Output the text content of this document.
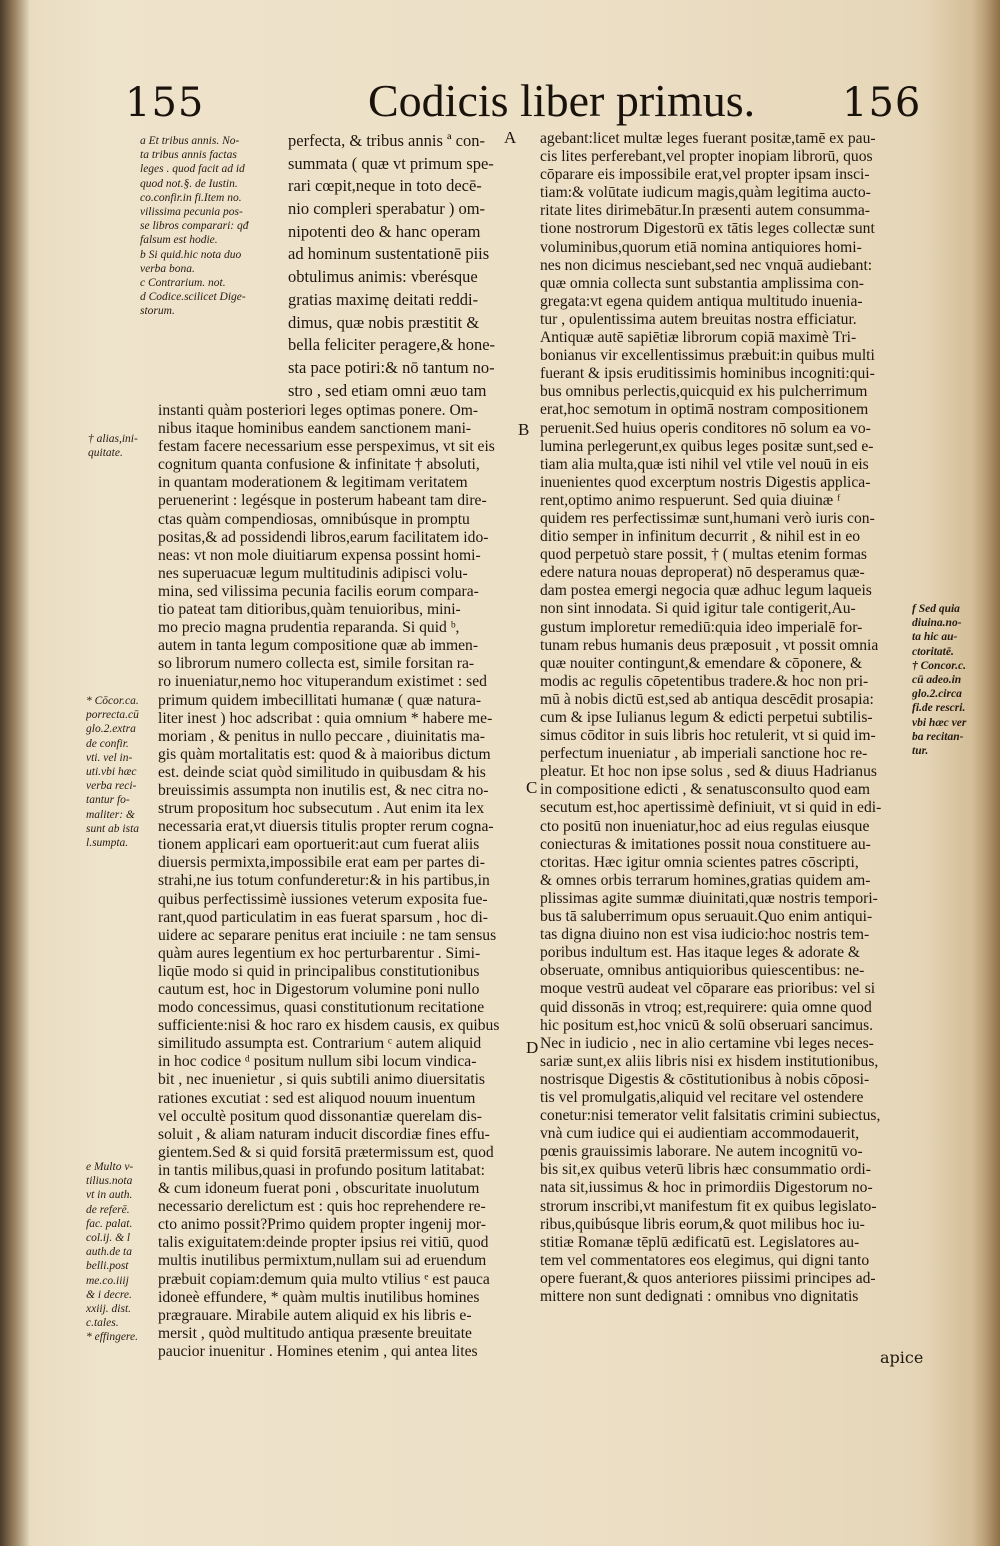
155	Codicis liber primus. 156
A
B
C
D
a Et tribus annis. No-
ta tribus annis factas
leges . quod facit ad id
quod not.§. de Iustin.
co.confir.in fi.Item no.
vilissima pecunia pos-
se libros comparari: qđ
falsum est hodie.
b Si quid.hic nota duo
verba bona.
c Contrarium. not.
d Codice.scilicet Dige-
storum.
† alias,ini-
quitate.
* Cōcor.ca.
porrecta.cū
glo.2.extra
de confir.
vti. vel in-
uti.vbi hæc
verba reci-
tantur fo-
maliter: &
sunt ab ista
l.sumpta.
e Multo v-
tilius.nota
vt in auth.
de referē.
fac. palat.
col.ij. & l
auth.de ta
belli.post
me.co.iiij
& i decre.
xxiij. dist.
c.tales.
* effingere.
f Sed quia
diuina.no-
ta hic au-
ctoritatē.
† Concor.c.
cū adeo.in
glo.2.circa
fi.de rescri.
vbi hæc ver
ba recitan-
tur.
perfecta, & tribus annis ª con-
summata ( quæ vt primum spe-
rari cœpit,neque in toto decē-
nio compleri sperabatur ) om-
nipotenti deo & hanc operam
ad hominum sustentationē piis
obtulimus animis: vberésque
gratias maximę deitati reddi-
dimus, quæ nobis præstitit &
bella feliciter peragere,& hone-
sta pace potiri:& nō tantum no-
stro , sed etiam omni æuo tam
instanti quàm posteriori leges optimas ponere. Om-
nibus itaque hominibus eandem sanctionem mani-
festam facere necessarium esse perspeximus, vt sit eis
cognitum quanta confusione & infinitate † absoluti,
in quantam moderationem & legitimam veritatem
peruenerint : legésque in posterum habeant tam dire-
ctas quàm compendiosas, omnibúsque in promptu
positas,& ad possidendi libros,earum facilitatem ido-
neas: vt non mole diuitiarum expensa possint homi-
nes superuacuæ legum multitudinis adipisci volu-
mina, sed vilissima pecunia facilis eorum compara-
tio pateat tam ditioribus,quàm tenuioribus, mini-
mo precio magna prudentia reparanda. Si quid ᵇ,
autem in tanta legum compositione quæ ab immen-
so librorum numero collecta est, simile forsitan ra-
ro inueniatur,nemo hoc vituperandum existimet : sed
primum quidem imbecillitati humanæ ( quæ natura-
liter inest ) hoc adscribat : quia omnium * habere me-
moriam , & penitus in nullo peccare , diuinitatis ma-
gis quàm mortalitatis est: quod & à maioribus dictum
est. deinde sciat quòd similitudo in quibusdam & his
breuissimis assumpta non inutilis est, & nec citra no-
strum propositum hoc subsecutum . Aut enim ita lex
necessaria erat,vt diuersis titulis propter rerum cogna-
tionem applicari eam oportuerit:aut cum fuerat aliis
diuersis permixta,impossibile erat eam per partes di-
strahi,ne ius totum confunderetur:& in his partibus,in
quibus perfectissimè iussiones veterum exposita fue-
rant,quod particulatim in eas fuerat sparsum , hoc di-
uidere ac separare penitus erat inciuile : ne tam sensus
quàm aures legentium ex hoc perturbarentur . Simi-
liqūe modo si quid in principalibus constitutionibus
cautum est, hoc in Digestorum volumine poni nullo
modo concessimus, quasi constitutionum recitatione
sufficiente:nisi & hoc raro ex hisdem causis, ex quibus
similitudo assumpta est. Contrarium ᶜ autem aliquid
in hoc codice ᵈ positum nullum sibi locum vindica-
bit , nec inuenietur , si quis subtili animo diuersitatis
rationes excutiat : sed est aliquod nouum inuentum
vel occultè positum quod dissonantiæ querelam dis-
soluit , & aliam naturam inducit discordiæ fines effu-
gientem.Sed & si quid forsitā prætermissum est, quod
in tantis milibus,quasi in profundo positum latitabat:
& cum idoneum fuerat poni , obscuritate inuolutum
necessario derelictum est : quis hoc reprehendere re-
cto animo possit?Primo quidem propter ingenij mor-
talis exiguitatem:deinde propter ipsius rei vitiū, quod
multis inutilibus permixtum,nullam sui ad eruendum
præbuit copiam:demum quia multo vtilius ᵉ est pauca
idoneè effundere, * quàm multis inutilibus homines
prægrauare. Mirabile autem aliquid ex his libris e-
mersit , quòd multitudo antiqua præsente breuitate
paucior inuenitur . Homines etenim , qui antea lites
agebant:licet multæ leges fuerant positæ,tamē ex pau-
cis lites perferebant,vel propter inopiam librorū, quos
cōparare eis impossibile erat,vel propter ipsam insci-
tiam:& volūtate iudicum magis,quàm legitima aucto-
ritate lites dirimebātur.In præsenti autem consumma-
tione nostrorum Digestorū ex tātis leges collectæ sunt
voluminibus,quorum etiā nomina antiquiores homi-
nes non dicimus nesciebant,sed nec vnquā audiebant:
quæ omnia collecta sunt substantia amplissima con-
gregata:vt egena quidem antiqua multitudo inuenia-
tur , opulentissima autem breuitas nostra efficiatur.
Antiquæ autē sapiētiæ librorum copiā maximè Tri-
bonianus vir excellentissimus præbuit:in quibus multi
fuerant & ipsis eruditissimis hominibus incogniti:qui-
bus omnibus perlectis,quicquid ex his pulcherrimum
erat,hoc semotum in optimā nostram compositionem
peruenit.Sed huius operis conditores nō solum ea vo-
lumina perlegerunt,ex quibus leges positæ sunt,sed e-
tiam alia multa,quæ isti nihil vel vtile vel nouū in eis
inuenientes quod excerptum nostris Digestis applica-
rent,optimo animo respuerunt. Sed quia diuinæ ᶠ
quidem res perfectissimæ sunt,humani verò iuris con-
ditio semper in infinitum decurrit , & nihil est in eo
quod perpetuò stare possit, † ( multas etenim formas
edere natura nouas deproperat) nō desperamus quæ-
dam postea emergi negocia quæ adhuc legum laqueis
non sint innodata. Si quid igitur tale contigerit,Au-
gustum imploretur remediū:quia ideo imperialē for-
tunam rebus humanis deus præposuit , vt possit omnia
quæ nouiter contingunt,& emendare & cōponere, &
modis ac regulis cōpetentibus tradere.& hoc non pri-
mū à nobis dictū est,sed ab antiqua descēdit prosapia:
cum & ipse Iulianus legum & edicti perpetui subtilis-
simus cōditor in suis libris hoc retulerit, vt si quid im-
perfectum inueniatur , ab imperiali sanctione hoc re-
pleatur. Et hoc non ipse solus , sed & diuus Hadrianus
in compositione edicti , & senatusconsulto quod eam
secutum est,hoc apertissimè definiuit, vt si quid in edi-
cto positū non inueniatur,hoc ad eius regulas eiusque
coniecturas & imitationes possit noua constituere au-
ctoritas. Hæc igitur omnia scientes patres cōscripti,
& omnes orbis terrarum homines,gratias quidem am-
plissimas agite summæ diuinitati,quæ nostris tempori-
bus tā saluberrimum opus seruauit.Quo enim antiqui-
tas digna diuino non est visa iudicio:hoc nostris tem-
poribus indultum est. Has itaque leges & adorate &
obseruate, omnibus antiquioribus quiescentibus: ne-
moque vestrū audeat vel cōparare eas prioribus: vel si
quid dissonās in vtroq; est,requirere: quia omne quod
hic positum est,hoc vnicū & solū obseruari sancimus.
Nec in iudicio , nec in alio certamine vbi leges neces-
sariæ sunt,ex aliis libris nisi ex hisdem institutionibus,
nostrisque Digestis & cōstitutionibus à nobis cōposi-
tis vel promulgatis,aliquid vel recitare vel ostendere
conetur:nisi temerator velit falsitatis crimini subiectus,
vnà cum iudice qui ei audientiam accommodauerit,
pœnis grauissimis laborare. Ne autem incognitū vo-
bis sit,ex quibus veterū libris hæc consummatio ordi-
nata sit,iussimus & hoc in primordiis Digestorum no-
strorum inscribi,vt manifestum fit ex quibus legislato-
ribus,quibúsque libris eorum,& quot milibus hoc iu-
stitiæ Romanæ tēplū ædificatū est. Legislatores au-
tem vel commentatores eos elegimus, qui digni tanto
opere fuerant,& quos anteriores piissimi principes ad-
mittere non sunt dedignati : omnibus vno dignitatis
apice
